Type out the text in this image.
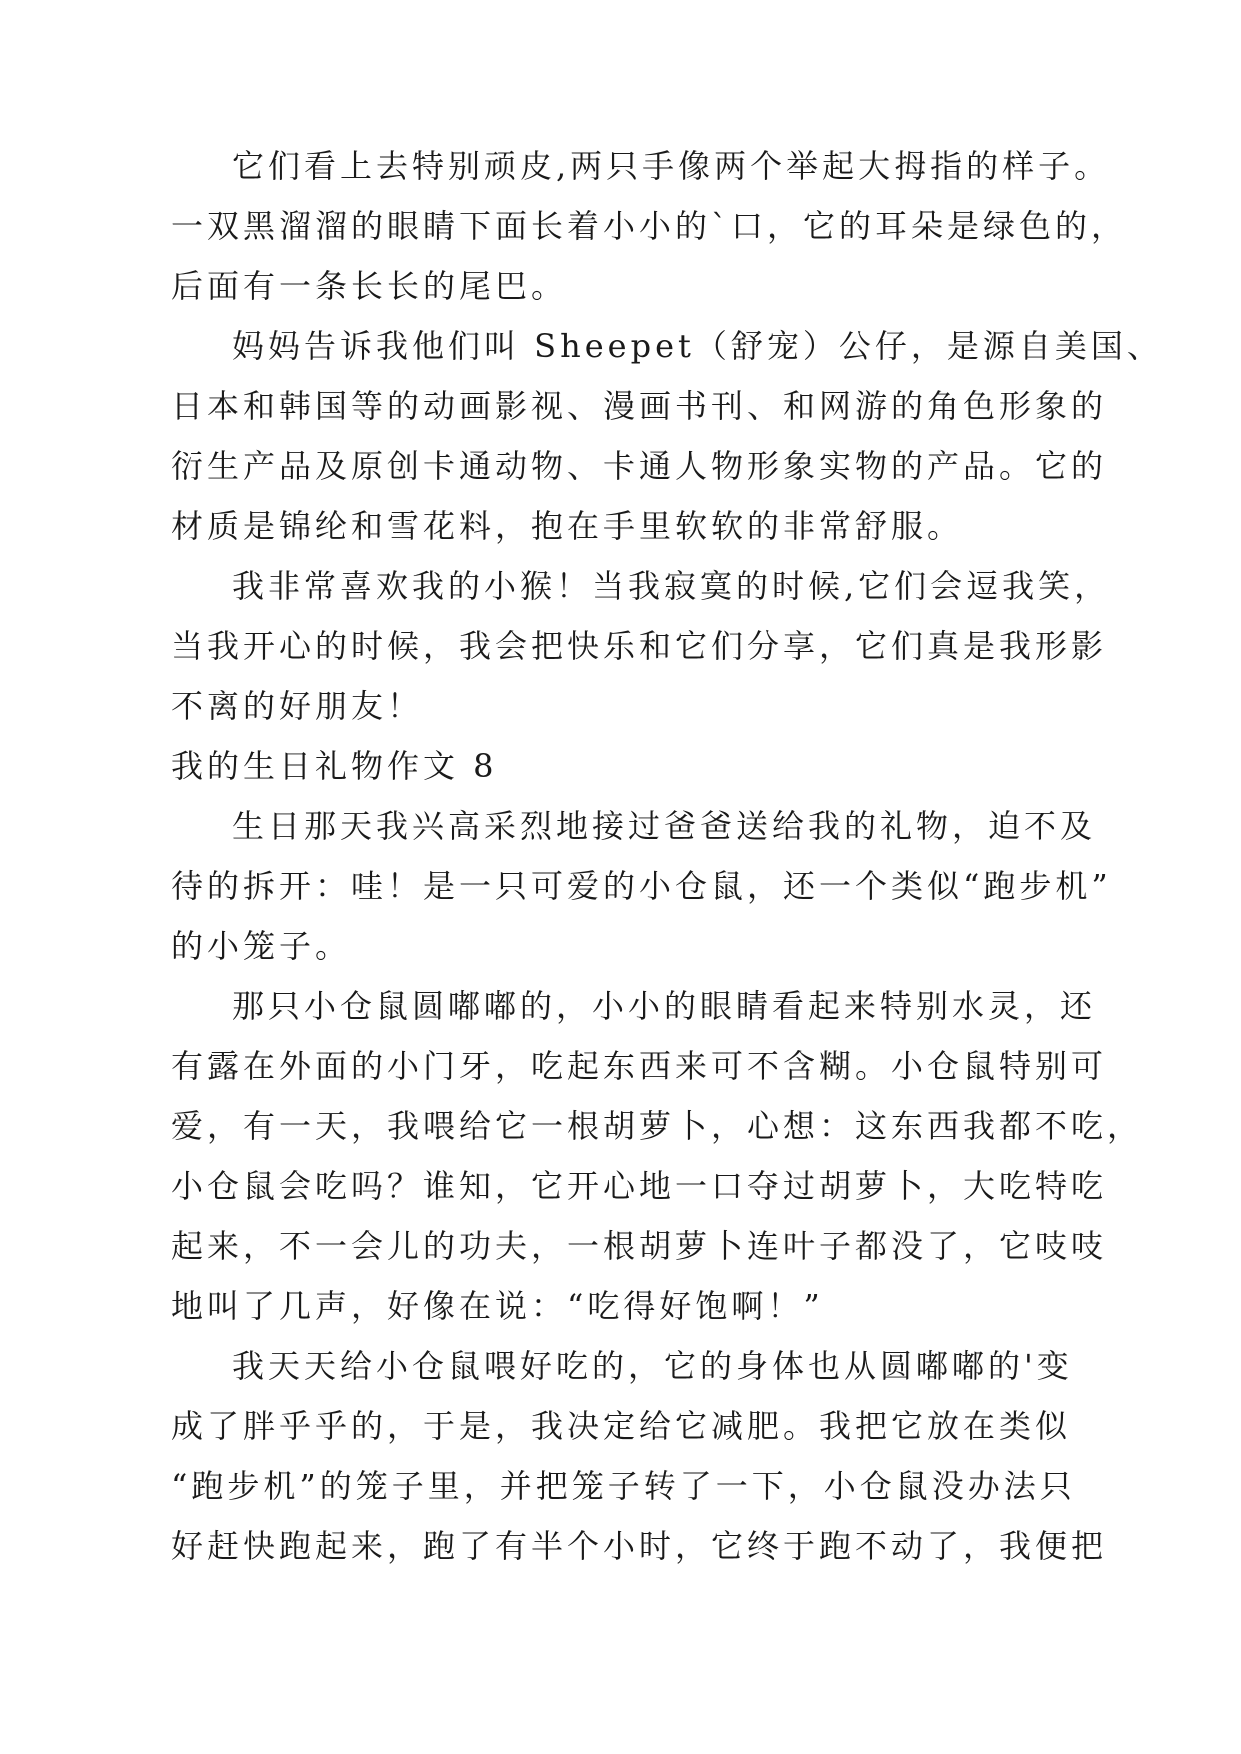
它们看上去特别顽皮,两只手像两个举起大拇指的样子。
一双黑溜溜的眼睛下面长着小小的`口，它的耳朵是绿色的，
后面有一条长长的尾巴。
妈妈告诉我他们叫 Sheepet（舒宠）公仔，是源自美国、
日本和韩国等的动画影视、漫画书刊、和网游的角色形象的
衍生产品及原创卡通动物、卡通人物形象实物的产品。它的
材质是锦纶和雪花料，抱在手里软软的非常舒服。
我非常喜欢我的小猴！当我寂寞的时候,它们会逗我笑，
当我开心的时候，我会把快乐和它们分享，它们真是我形影
不离的好朋友！
我的生日礼物作文 8
生日那天我兴高采烈地接过爸爸送给我的礼物，迫不及
待的拆开：哇！是一只可爱的小仓鼠，还一个类似“跑步机”
的小笼子。
那只小仓鼠圆嘟嘟的，小小的眼睛看起来特别水灵，还
有露在外面的小门牙，吃起东西来可不含糊。小仓鼠特别可
爱，有一天，我喂给它一根胡萝卜，心想：这东西我都不吃，
小仓鼠会吃吗？谁知，它开心地一口夺过胡萝卜，大吃特吃
起来，不一会儿的功夫，一根胡萝卜连叶子都没了，它吱吱
地叫了几声，好像在说：“吃得好饱啊！”
我天天给小仓鼠喂好吃的，它的身体也从圆嘟嘟的'变
成了胖乎乎的，于是，我决定给它减肥。我把它放在类似
“跑步机”的笼子里，并把笼子转了一下，小仓鼠没办法只
好赶快跑起来，跑了有半个小时，它终于跑不动了，我便把
